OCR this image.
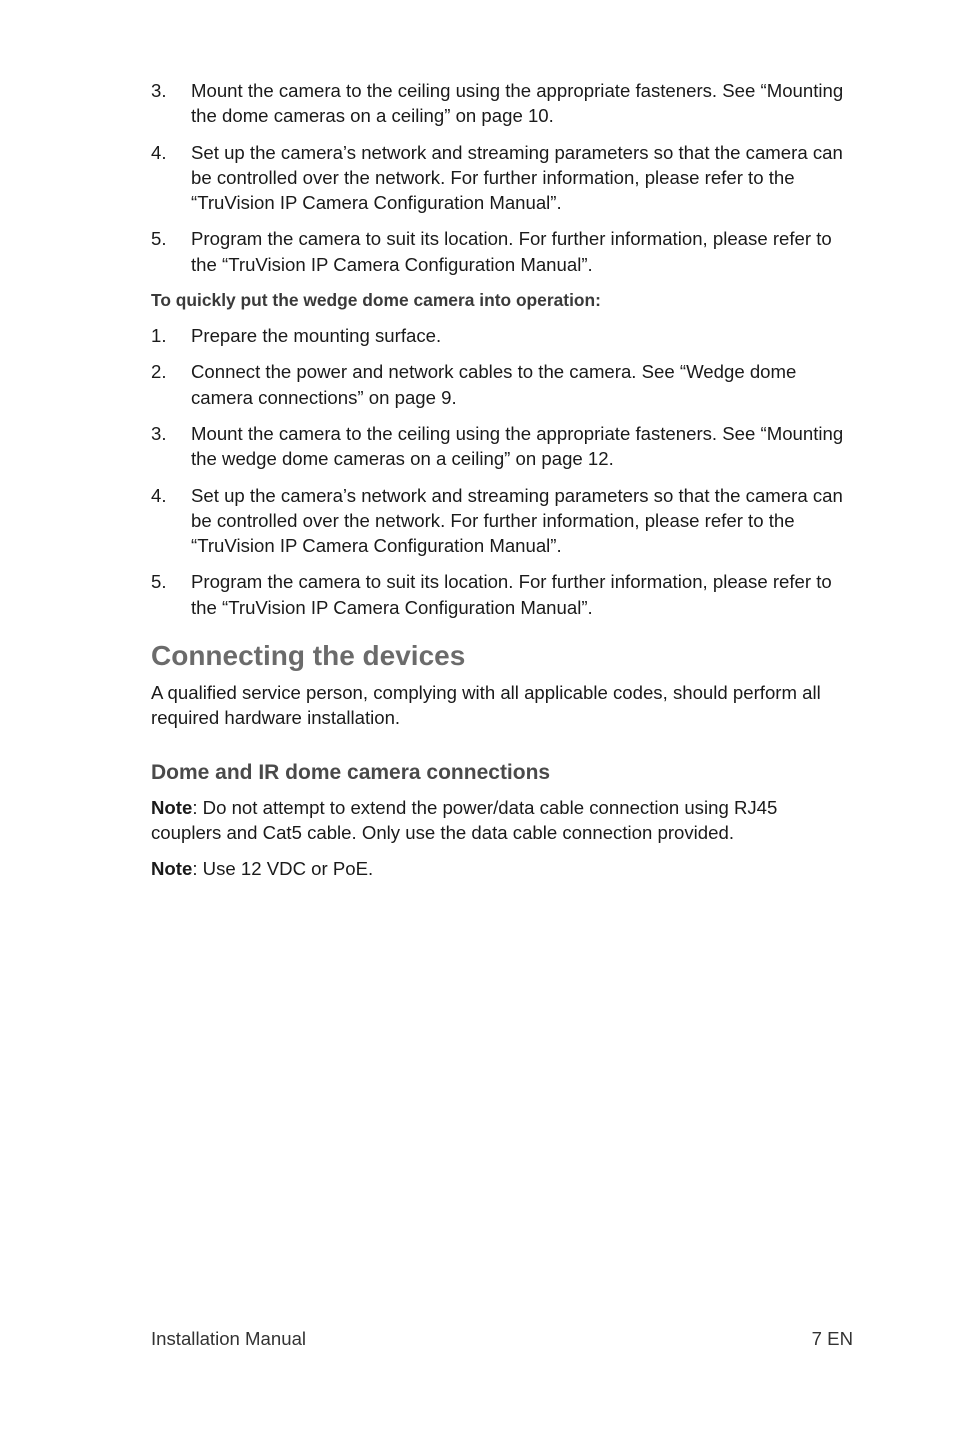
3.	Mount the camera to the ceiling using the appropriate fasteners. See “Mounting the dome cameras on a ceiling” on page 10.
4.	Set up the camera’s network and streaming parameters so that the camera can be controlled over the network. For further information, please refer to the “TruVision IP Camera Configuration Manual”.
5.	Program the camera to suit its location. For further information, please refer to the “TruVision IP Camera Configuration Manual”.
To quickly put the wedge dome camera into operation:
1.	Prepare the mounting surface.
2.	Connect the power and network cables to the camera. See “Wedge dome camera connections” on page 9.
3.	Mount the camera to the ceiling using the appropriate fasteners. See “Mounting the wedge dome cameras on a ceiling” on page 12.
4.	Set up the camera’s network and streaming parameters so that the camera can be controlled over the network. For further information, please refer to the “TruVision IP Camera Configuration Manual”.
5.	Program the camera to suit its location. For further information, please refer to the “TruVision IP Camera Configuration Manual”.
Connecting the devices

A qualified service person, complying with all applicable codes, should perform all required hardware installation.

Dome and IR dome camera connections

Note: Do not attempt to extend the power/data cable connection using RJ45 couplers and Cat5 cable. Only use the data cable connection provided.

Note: Use 12 VDC or PoE.

Installation Manual	7 EN
